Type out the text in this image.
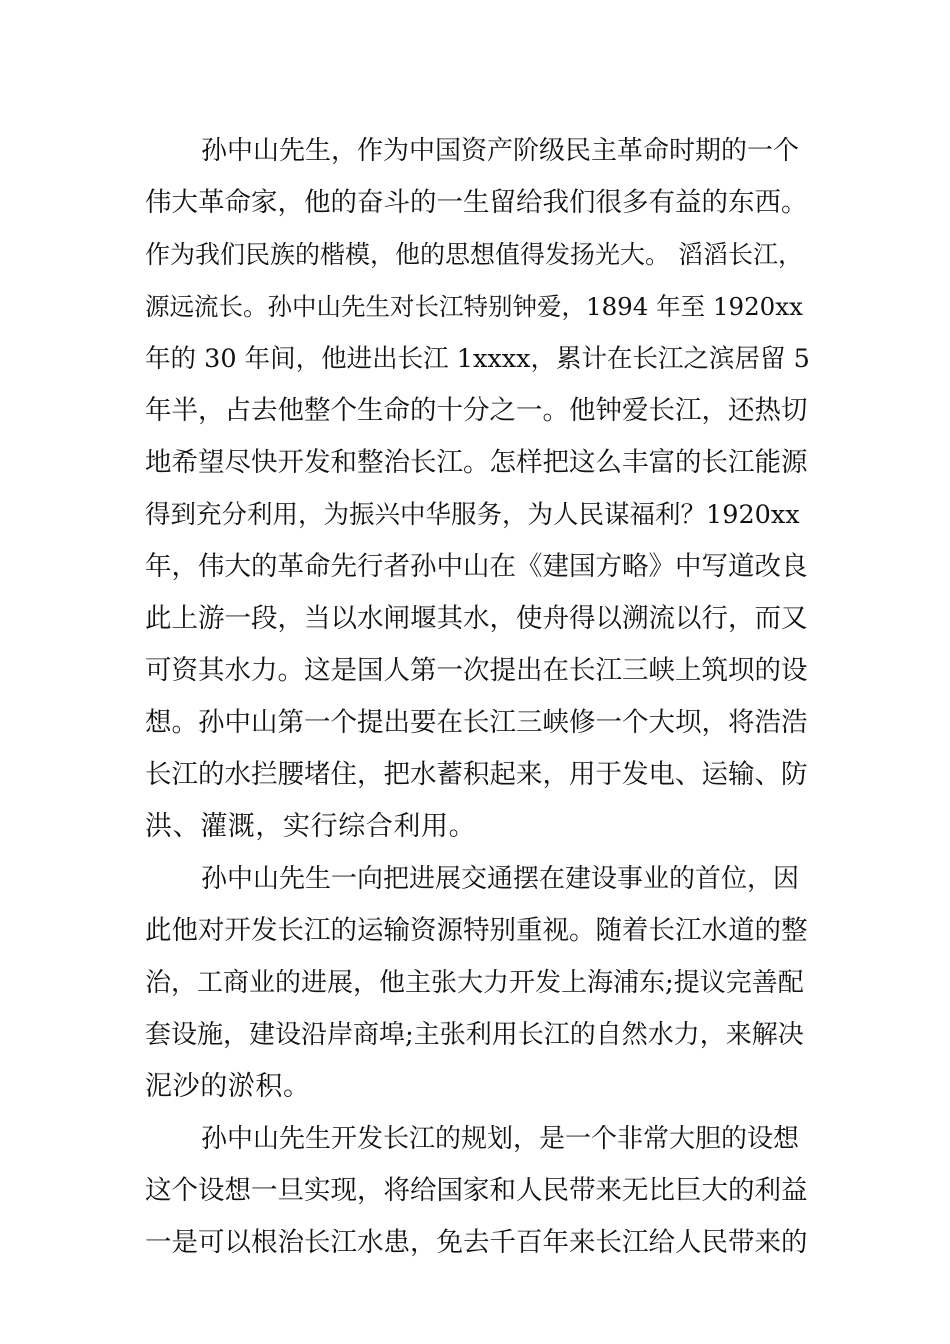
孙中山先生，作为中国资产阶级民主革命时期的一个
伟大革命家，他的奋斗的一生留给我们很多有益的东西。
作为我们民族的楷模，他的思想值得发扬光大。 滔滔长江，
源远流长。孙中山先生对长江特别钟爱，1894 年至 1920xx
年的 30 年间，他进出长江 1xxxx，累计在长江之滨居留 5
年半，占去他整个生命的十分之一。他钟爱长江，还热切
地希望尽快开发和整治长江。怎样把这么丰富的长江能源
得到充分利用，为振兴中华服务，为人民谋福利？1920xx
年，伟大的革命先行者孙中山在《建国方略》中写道改良
此上游一段，当以水闸堰其水，使舟得以溯流以行，而又
可资其水力。这是国人第一次提出在长江三峡上筑坝的设
想。孙中山第一个提出要在长江三峡修一个大坝，将浩浩
长江的水拦腰堵住，把水蓄积起来，用于发电、运输、防
洪、灌溉，实行综合利用。
孙中山先生一向把进展交通摆在建设事业的首位，因
此他对开发长江的运输资源特别重视。随着长江水道的整
治，工商业的进展，他主张大力开发上海浦东;提议完善配
套设施，建设沿岸商埠;主张利用长江的自然水力，来解决
泥沙的淤积。
孙中山先生开发长江的规划，是一个非常大胆的设想
这个设想一旦实现，将给国家和人民带来无比巨大的利益
一是可以根治长江水患，免去千百年来长江给人民带来的
